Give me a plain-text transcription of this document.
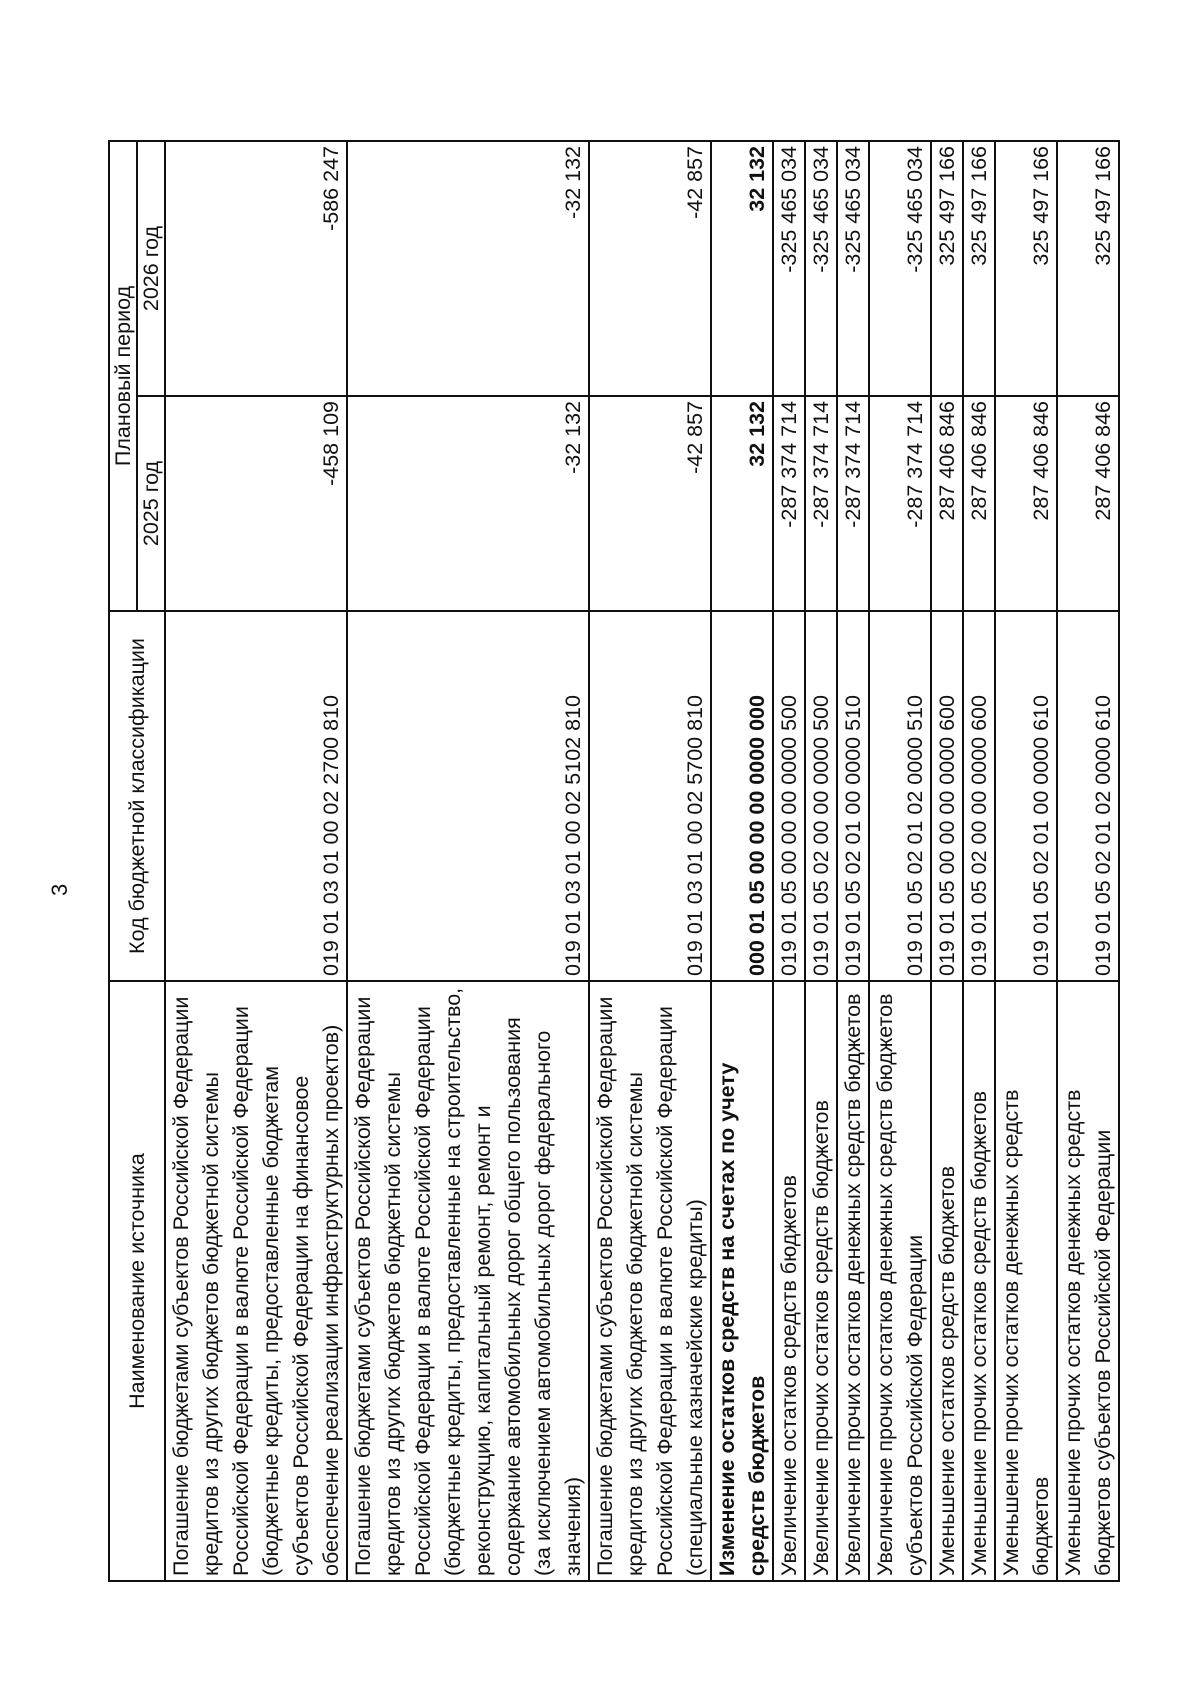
3
Наименование источника	Код бюджетной классификации	Плановый период	
		2025 год	2026 год
Погашение бюджетами субъектов Российской Федерации кредитов из других бюджетов бюджетной системы Российской Федерации в валюте Российской Федерации (бюджетные кредиты, предоставленные бюджетам субъектов Российской Федерации на финансовое обеспечение реализации инфраструктурных проектов)	019 01 03 01 00 02 2700 810	-458 109	-586 247
Погашение бюджетами субъектов Российской Федерации кредитов из других бюджетов бюджетной системы Российской Федерации в валюте Российской Федерации (бюджетные кредиты, предоставленные на строительство, реконструкцию, капитальный ремонт, ремонт и содержание автомобильных дорог общего пользования (за исключением автомобильных дорог федерального значения)	019 01 03 01 00 02 5102 810	-32 132	-32 132
Погашение бюджетами субъектов Российской Федерации кредитов из других бюджетов бюджетной системы Российской Федерации в валюте Российской Федерации (специальные казначейские кредиты)	019 01 03 01 00 02 5700 810	-42 857	-42 857
Изменение остатков средств на счетах по учету средств бюджетов	000 01 05 00 00 00 0000 000	32 132	32 132
Увеличение остатков средств бюджетов	019 01 05 00 00 00 0000 500	-287 374 714	-325 465 034
Увеличение прочих остатков средств бюджетов	019 01 05 02 00 00 0000 500	-287 374 714	-325 465 034
Увеличение прочих остатков денежных средств бюджетов	019 01 05 02 01 00 0000 510	-287 374 714	-325 465 034
Увеличение прочих остатков денежных средств бюджетов субъектов Российской Федерации	019 01 05 02 01 02 0000 510	-287 374 714	-325 465 034
Уменьшение остатков средств бюджетов	019 01 05 00 00 00 0000 600	287 406 846	325 497 166
Уменьшение прочих остатков средств бюджетов	019 01 05 02 00 00 0000 600	287 406 846	325 497 166
Уменьшение прочих остатков денежных средств бюджетов	019 01 05 02 01 00 0000 610	287 406 846	325 497 166
Уменьшение прочих остатков денежных средств бюджетов субъектов Российской Федерации	019 01 05 02 01 02 0000 610	287 406 846	325 497 166
